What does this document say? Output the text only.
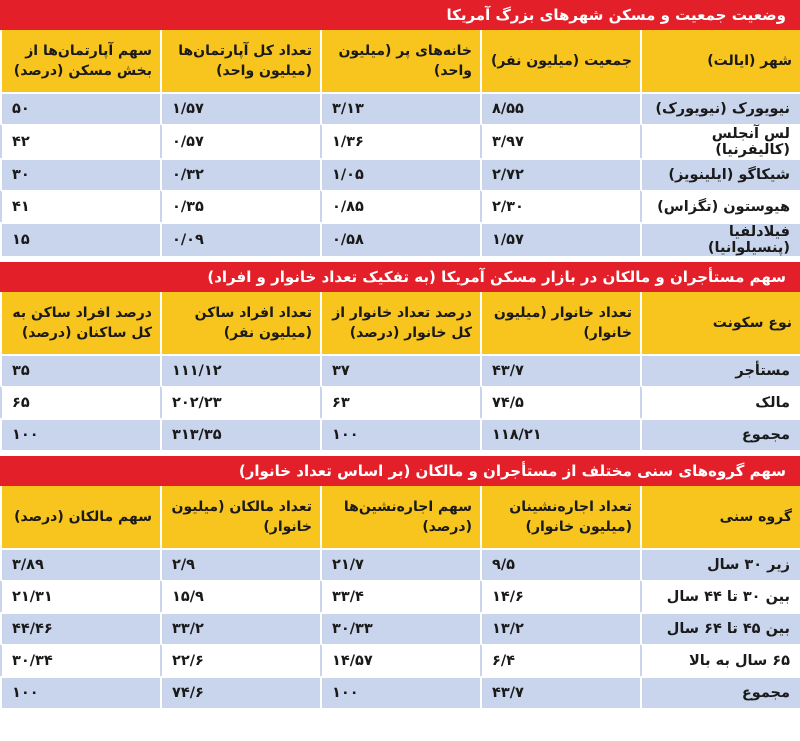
وضعیت جمعیت و مسکن شهرهای بزرگ آمریکا
شهر (ایالت)	جمعیت (میلیون نفر)	خانه‌های پر (میلیون واحد)	تعداد کل آپارتمان‌ها (میلیون واحد)	سهم آپارتمان‌ها از بخش مسکن (درصد)
نیویورک (نیویورک)	۸/۵۵	۳/۱۳	۱/۵۷	۵۰
لس آنجلس (کالیفرنیا)	۳/۹۷	۱/۳۶	۰/۵۷	۴۲
شیکاگو (ایلینویز)	۲/۷۲	۱/۰۵	۰/۳۲	۳۰
هیوستون (تگزاس)	۲/۳۰	۰/۸۵	۰/۳۵	۴۱
فیلادلفیا (پنسیلوانیا)	۱/۵۷	۰/۵۸	۰/۰۹	۱۵
سهم مستأجران و مالکان در بازار مسکن آمریکا (به تفکیک تعداد خانوار و افراد)
نوع سکونت	تعداد خانوار (میلیون خانوار)	درصد تعداد خانوار از کل خانوار (درصد)	تعداد افراد ساکن (میلیون نفر)	درصد افراد ساکن به کل ساکنان (درصد)
مستأجر	۴۳/۷	۳۷	۱۱۱/۱۲	۳۵
مالک	۷۴/۵	۶۳	۲۰۲/۲۳	۶۵
مجموع	۱۱۸/۲۱	۱۰۰	۳۱۳/۳۵	۱۰۰
سهم گروه‌های سنی مختلف از مستأجران و مالکان (بر اساس تعداد خانوار)
گروه سنی	تعداد اجاره‌نشینان (میلیون خانوار)	سهم اجاره‌نشین‌ها (درصد)	تعداد مالکان (میلیون خانوار)	سهم مالکان (درصد)
زیر ۳۰ سال	۹/۵	۲۱/۷	۲/۹	۳/۸۹
بین ۳۰ تا ۴۴ سال	۱۴/۶	۳۳/۴	۱۵/۹	۲۱/۳۱
بین ۴۵ تا ۶۴ سال	۱۳/۲	۳۰/۳۳	۳۳/۲	۴۴/۴۶
۶۵ سال به بالا	۶/۴	۱۴/۵۷	۲۲/۶	۳۰/۳۴
مجموع	۴۳/۷	۱۰۰	۷۴/۶	۱۰۰
